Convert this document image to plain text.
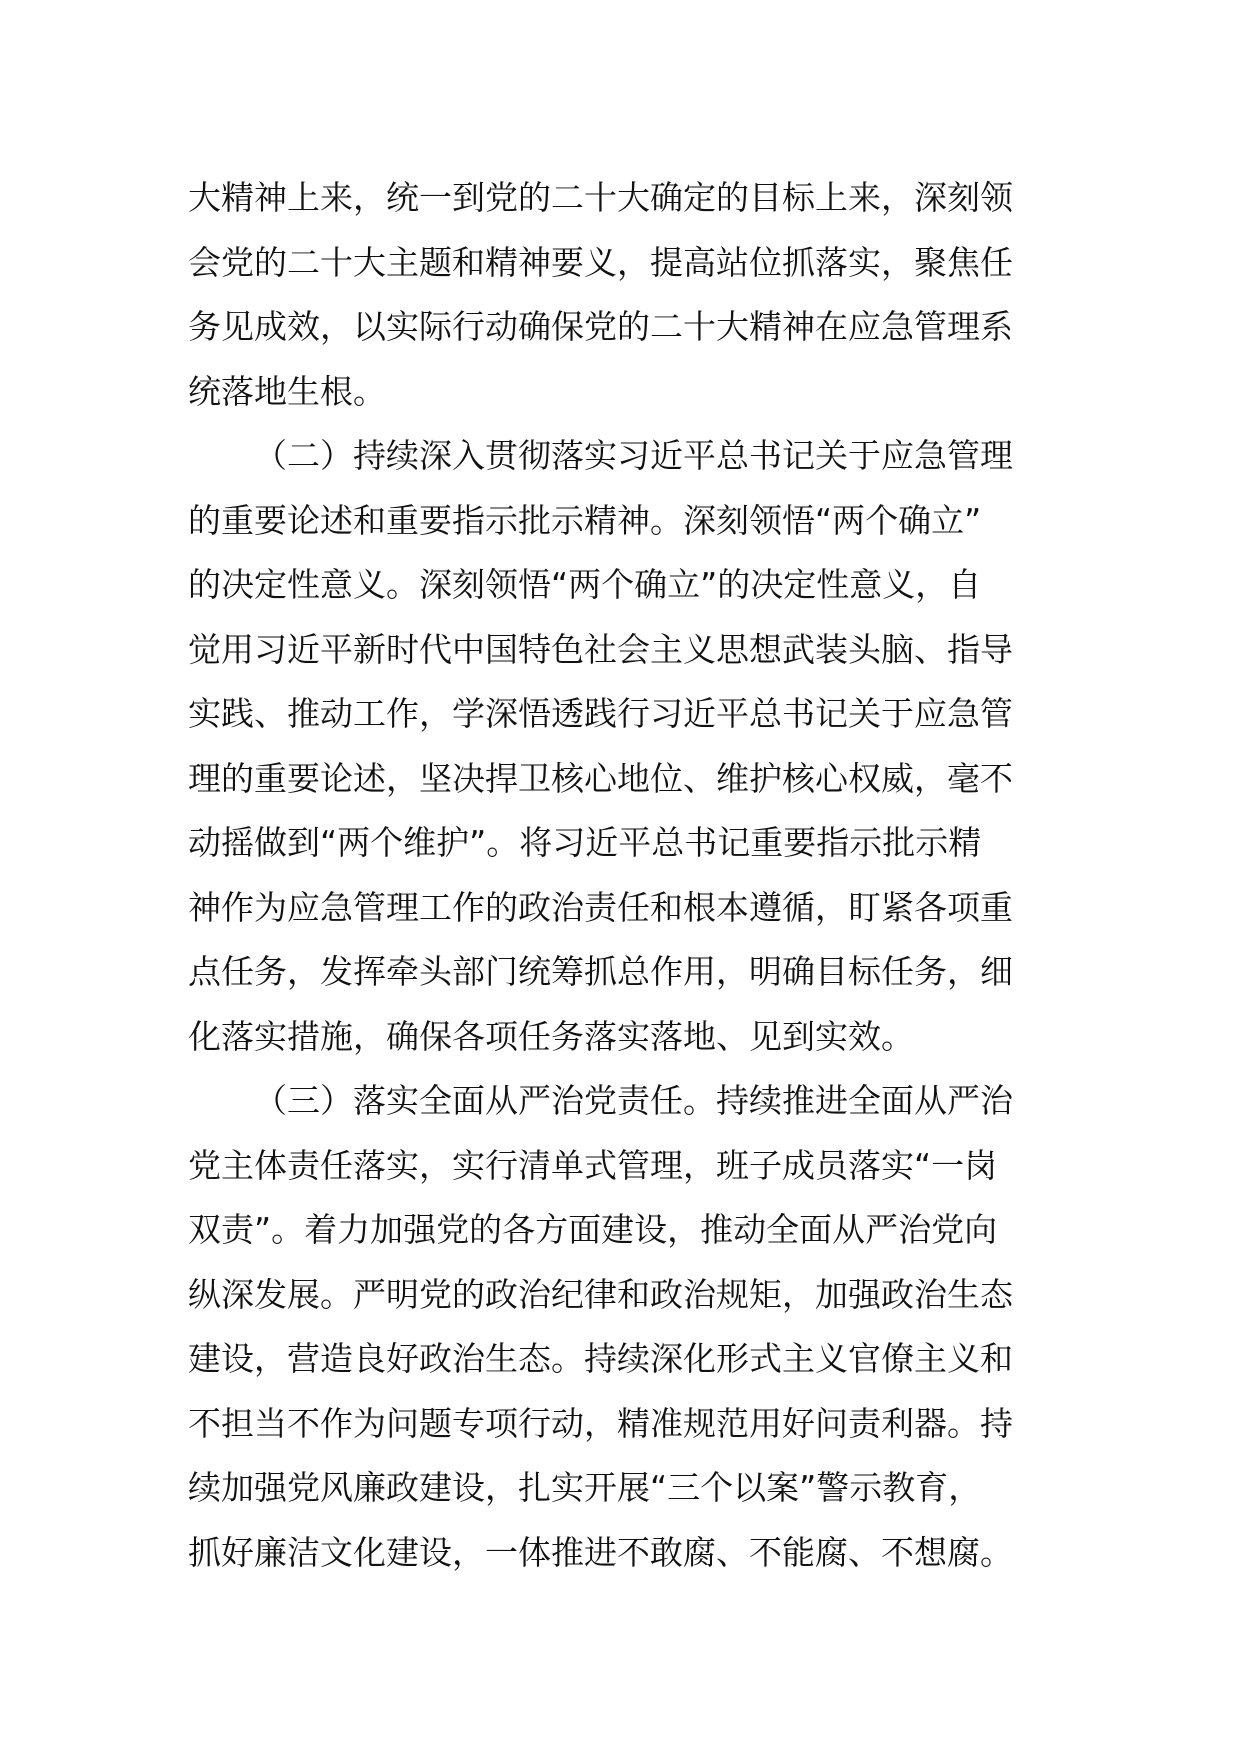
大精神上来，统一到党的二十大确定的目标上来，深刻领
会党的二十大主题和精神要义，提高站位抓落实，聚焦任
务见成效，以实际行动确保党的二十大精神在应急管理系
统落地生根。
（二）持续深入贯彻落实习近平总书记关于应急管理
的重要论述和重要指示批示精神。深刻领悟“两个确立”
的决定性意义。深刻领悟“两个确立”的决定性意义，自
觉用习近平新时代中国特色社会主义思想武装头脑、指导
实践、推动工作，学深悟透践行习近平总书记关于应急管
理的重要论述，坚决捍卫核心地位、维护核心权威，毫不
动摇做到“两个维护”。将习近平总书记重要指示批示精
神作为应急管理工作的政治责任和根本遵循，盯紧各项重
点任务，发挥牵头部门统筹抓总作用，明确目标任务，细
化落实措施，确保各项任务落实落地、见到实效。
（三）落实全面从严治党责任。持续推进全面从严治
党主体责任落实，实行清单式管理，班子成员落实“一岗
双责”。着力加强党的各方面建设，推动全面从严治党向
纵深发展。严明党的政治纪律和政治规矩，加强政治生态
建设，营造良好政治生态。持续深化形式主义官僚主义和
不担当不作为问题专项行动，精准规范用好问责利器。持
续加强党风廉政建设，扎实开展“三个以案”警示教育，
抓好廉洁文化建设，一体推进不敢腐、不能腐、不想腐。
